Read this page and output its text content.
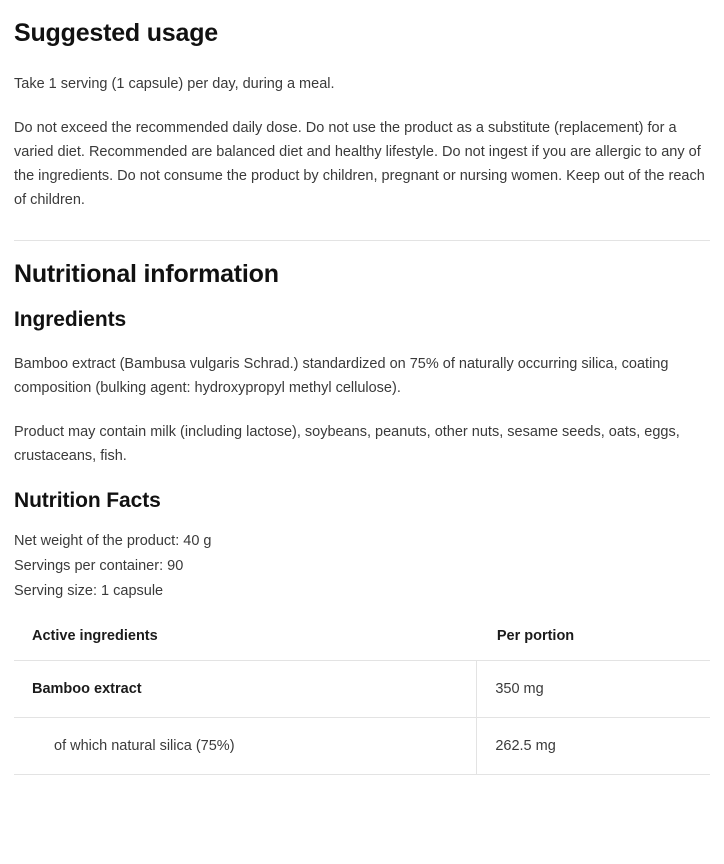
Suggested usage

Take 1 serving (1 capsule) per day, during a meal.

Do not exceed the recommended daily dose. Do not use the product as a substitute (replacement) for a varied diet. Recommended are balanced diet and healthy lifestyle. Do not ingest if you are allergic to any of the ingredients. Do not consume the product by children, pregnant or nursing women. Keep out of the reach of children.

Nutritional information
Ingredients

Bamboo extract (Bambusa vulgaris Schrad.) standardized on 75% of naturally occurring silica, coating composition (bulking agent: hydroxypropyl methyl cellulose).

Product may contain milk (including lactose), soybeans, peanuts, other nuts, sesame seeds, oats, eggs, crustaceans, fish.

Nutrition Facts
Net weight of the product: 40 g
Servings per container: 90
Serving size: 1 capsule
Active ingredients	Per portion
Bamboo extract	350 mg
of which natural silica (75%)	262.5 mg
